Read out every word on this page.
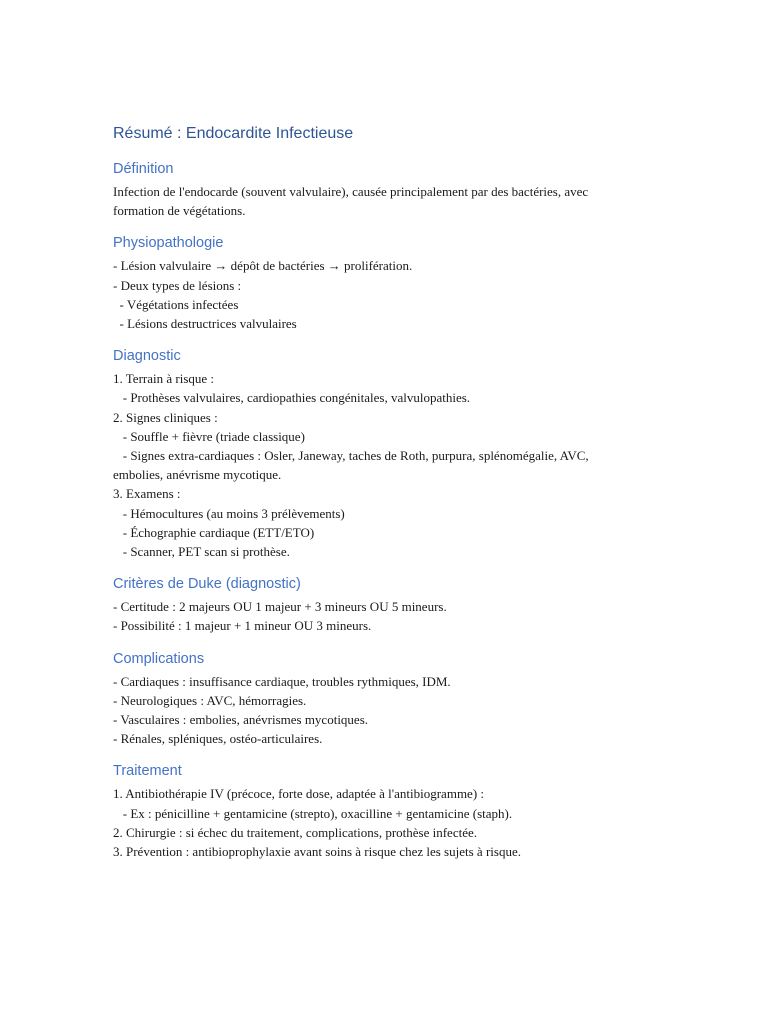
Résumé : Endocardite Infectieuse
Définition

Infection de l'endocarde (souvent valvulaire), causée principalement par des bactéries, avec

formation de végétations.

Physiopathologie

- Lésion valvulaire → dépôt de bactéries → prolifération.

- Deux types de lésions :

- Végétations infectées

- Lésions destructrices valvulaires

Diagnostic

1. Terrain à risque :

- Prothèses valvulaires, cardiopathies congénitales, valvulopathies.

2. Signes cliniques :

- Souffle + fièvre (triade classique)

- Signes extra-cardiaques : Osler, Janeway, taches de Roth, purpura, splénomégalie, AVC,

embolies, anévrisme mycotique.

3. Examens :

- Hémocultures (au moins 3 prélèvements)

- Échographie cardiaque (ETT/ETO)

- Scanner, PET scan si prothèse.

Critères de Duke (diagnostic)

- Certitude : 2 majeurs OU 1 majeur + 3 mineurs OU 5 mineurs.

- Possibilité : 1 majeur + 1 mineur OU 3 mineurs.

Complications

- Cardiaques : insuffisance cardiaque, troubles rythmiques, IDM.

- Neurologiques : AVC, hémorragies.

- Vasculaires : embolies, anévrismes mycotiques.

- Rénales, spléniques, ostéo-articulaires.

Traitement

1. Antibiothérapie IV (précoce, forte dose, adaptée à l'antibiogramme) :

- Ex : pénicilline + gentamicine (strepto), oxacilline + gentamicine (staph).

2. Chirurgie : si échec du traitement, complications, prothèse infectée.

3. Prévention : antibioprophylaxie avant soins à risque chez les sujets à risque.
